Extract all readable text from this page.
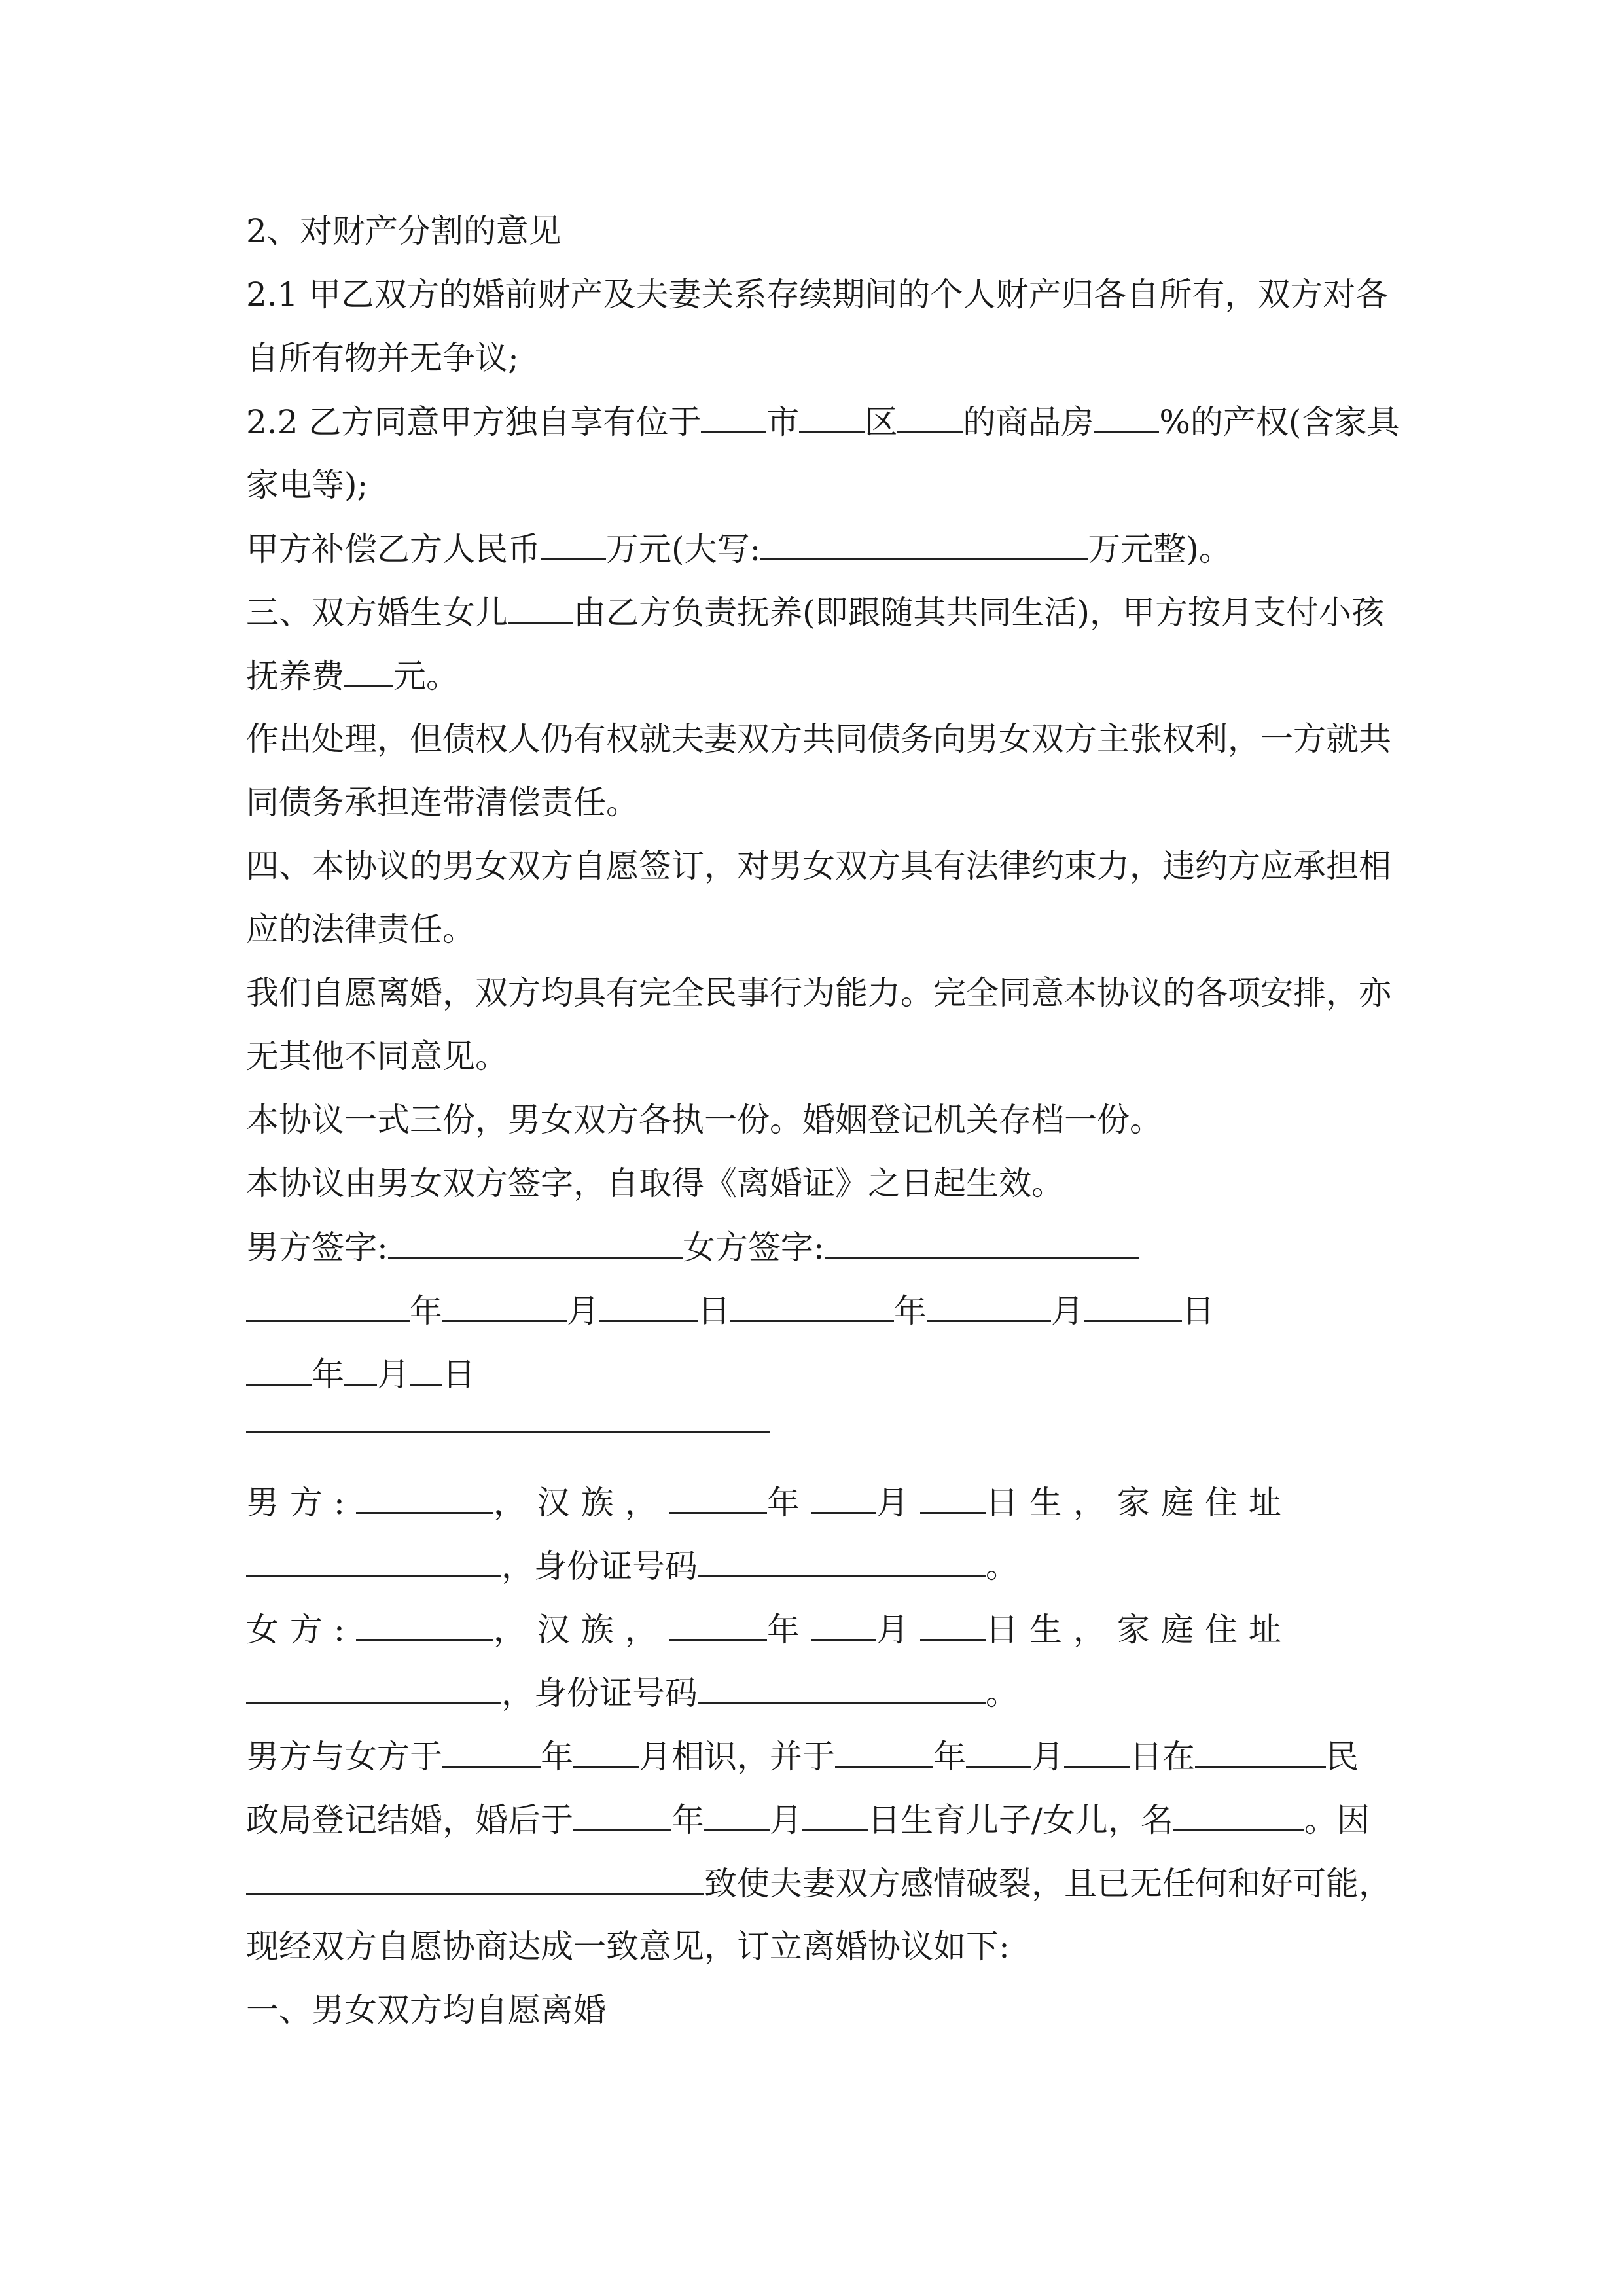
2、对财产分割的意见
2.1 甲乙双方的婚前财产及夫妻关系存续期间的个人财产归各自所有，双方对各
自所有物并无争议;
2.2 乙方同意甲方独自享有位于 市 区 的商品房 %的产权(含家具
家电等);
甲方补偿乙方人民币 万元(大写:	万元整)。
三、双方婚生女儿 由乙方负责抚养(即跟随其共同生活)，甲方按月支付小孩
抚养费 元。
作出处理，但债权人仍有权就夫妻双方共同债务向男女双方主张权利，一方就共
同债务承担连带清偿责任。
四、本协议的男女双方自愿签订，对男女双方具有法律约束力，违约方应承担相
应的法律责任。
我们自愿离婚，双方均具有完全民事行为能力。完全同意本协议的各项安排，亦
无其他不同意见。
本协议一式三份，男女双方各执一份。婚姻登记机关存档一份。
本协议由男女双方签字，自取得《离婚证》之日起生效。
男方签字:	女方签字:
年	月	日	年	月	日
年 月 日
男方:	，汉族，	年 月 日生，家庭住址
，身份证号码	。
女方:	，汉族，	年 月 日生，家庭住址
，身份证号码	。
男方与女方于	年 月相识，并于	年 月 日在	民
政局登记结婚，婚后于	年 月 日生育儿子/女儿，名	。因
致使夫妻双方感情破裂，且已无任何和好可能，
现经双方自愿协商达成一致意见，订立离婚协议如下:
一、男女双方均自愿离婚
